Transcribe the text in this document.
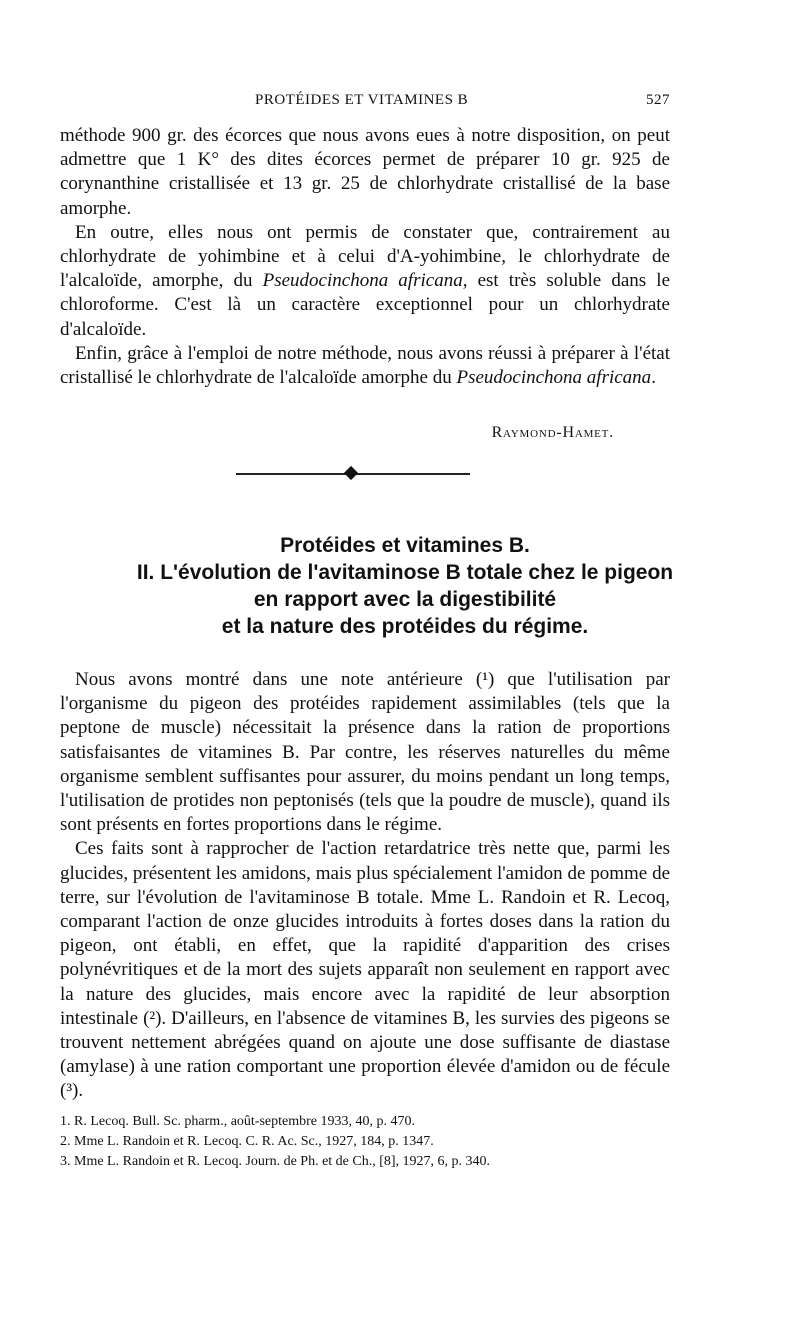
PROTÉIDES ET VITAMINES B	527

méthode 900 gr. des écorces que nous avons eues à notre disposition, on peut admettre que 1 K° des dites écorces permet de préparer 10 gr. 925 de corynanthine cristallisée et 13 gr. 25 de chlorhydrate cristallisé de la base amorphe.

En outre, elles nous ont permis de constater que, contrairement au chlorhydrate de yohimbine et à celui d'A-yohimbine, le chlorhydrate de l'alcaloïde, amorphe, du Pseudocinchona africana, est très soluble dans le chloroforme. C'est là un caractère exceptionnel pour un chlorhydrate d'alcaloïde.

Enfin, grâce à l'emploi de notre méthode, nous avons réussi à préparer à l'état cristallisé le chlorhydrate de l'alcaloïde amorphe du Pseudocinchona africana.

Raymond-Hamet.
Protéides et vitamines B.
II. L'évolution de l'avitaminose B totale chez le pigeon
en rapport avec la digestibilité
et la nature des protéides du régime.

Nous avons montré dans une note antérieure (¹) que l'utilisation par l'organisme du pigeon des protéides rapidement assimilables (tels que la peptone de muscle) nécessitait la présence dans la ration de proportions satisfaisantes de vitamines B. Par contre, les réserves naturelles du même organisme semblent suffisantes pour assurer, du moins pendant un long temps, l'utilisation de protides non peptonisés (tels que la poudre de muscle), quand ils sont présents en fortes proportions dans le régime.

Ces faits sont à rapprocher de l'action retardatrice très nette que, parmi les glucides, présentent les amidons, mais plus spécialement l'amidon de pomme de terre, sur l'évolution de l'avitaminose B totale. Mme L. Randoin et R. Lecoq, comparant l'action de onze glucides introduits à fortes doses dans la ration du pigeon, ont établi, en effet, que la rapidité d'apparition des crises polynévritiques et de la mort des sujets apparaît non seulement en rapport avec la nature des glucides, mais encore avec la rapidité de leur absorption intestinale (²). D'ailleurs, en l'absence de vitamines B, les survies des pigeons se trouvent nettement abrégées quand on ajoute une dose suffisante de diastase (amylase) à une ration comportant une proportion élevée d'amidon ou de fécule (³).

1. R. Lecoq. Bull. Sc. pharm., août-septembre 1933, 40, p. 470.
2. Mme L. Randoin et R. Lecoq. C. R. Ac. Sc., 1927, 184, p. 1347.
3. Mme L. Randoin et R. Lecoq. Journ. de Ph. et de Ch., [8], 1927, 6, p. 340.
